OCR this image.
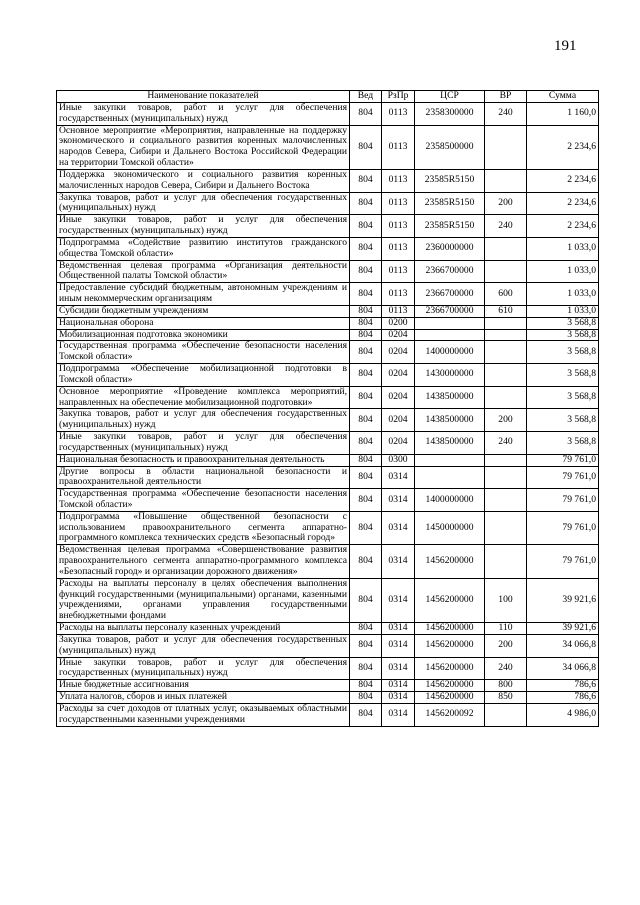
191
Наименование показателей	Вед	РзПр	ЦСР	ВР	Сумма
Иные закупки товаров, работ и услуг для обеспечения государственных (муниципальных) нужд	804	0113	2358300000	240	1 160,0
Основное мероприятие «Мероприятия, направленные на поддержку экономического и социального развития коренных малочисленных народов Севера, Сибири и Дальнего Востока Российской Федерации на территории Томской области»	804	0113	2358500000		2 234,6
Поддержка экономического и социального развития коренных малочисленных народов Севера, Сибири и Дальнего Востока	804	0113	23585R5150		2 234,6
Закупка товаров, работ и услуг для обеспечения государственных (муниципальных) нужд	804	0113	23585R5150	200	2 234,6
Иные закупки товаров, работ и услуг для обеспечения государственных (муниципальных) нужд	804	0113	23585R5150	240	2 234,6
Подпрограмма «Содействие развитию институтов гражданского общества Томской области»	804	0113	2360000000		1 033,0
Ведомственная целевая программа «Организация деятельности Общественной палаты Томской области»	804	0113	2366700000		1 033,0
Предоставление субсидий бюджетным, автономным учреждениям и иным некоммерческим организациям	804	0113	2366700000	600	1 033,0
Субсидии бюджетным учреждениям	804	0113	2366700000	610	1 033,0
Национальная оборона	804	0200			3 568,8
Мобилизационная подготовка экономики	804	0204			3 568,8
Государственная программа «Обеспечение безопасности населения Томской области»	804	0204	1400000000		3 568,8
Подпрограмма «Обеспечение мобилизационной подготовки в Томской области»	804	0204	1430000000		3 568,8
Основное мероприятие «Проведение комплекса мероприятий, направленных на обеспечение мобилизационной подготовки»	804	0204	1438500000		3 568,8
Закупка товаров, работ и услуг для обеспечения государственных (муниципальных) нужд	804	0204	1438500000	200	3 568,8
Иные закупки товаров, работ и услуг для обеспечения государственных (муниципальных) нужд	804	0204	1438500000	240	3 568,8
Национальная безопасность и правоохранительная деятельность	804	0300			79 761,0
Другие вопросы в области национальной безопасности и правоохранительной деятельности	804	0314			79 761,0
Государственная программа «Обеспечение безопасности населения Томской области»	804	0314	1400000000		79 761,0
Подпрограмма «Повышение общественной безопасности с использованием правоохранительного сегмента аппаратно-программного комплекса технических средств «Безопасный город»	804	0314	1450000000		79 761,0
Ведомственная целевая программа «Совершенствование развития правоохранительного сегмента аппаратно-программного комплекса «Безопасный город» и организации дорожного движения»	804	0314	1456200000		79 761,0
Расходы на выплаты персоналу в целях обеспечения выполнения функций государственными (муниципальными) органами, казенными учреждениями, органами управления государственными внебюджетными фондами	804	0314	1456200000	100	39 921,6
Расходы на выплаты персоналу казенных учреждений	804	0314	1456200000	110	39 921,6
Закупка товаров, работ и услуг для обеспечения государственных (муниципальных) нужд	804	0314	1456200000	200	34 066,8
Иные закупки товаров, работ и услуг для обеспечения государственных (муниципальных) нужд	804	0314	1456200000	240	34 066,8
Иные бюджетные ассигнования	804	0314	1456200000	800	786,6
Уплата налогов, сборов и иных платежей	804	0314	1456200000	850	786,6
Расходы за счет доходов от платных услуг, оказываемых областными государственными казенными учреждениями	804	0314	1456200092		4 986,0
